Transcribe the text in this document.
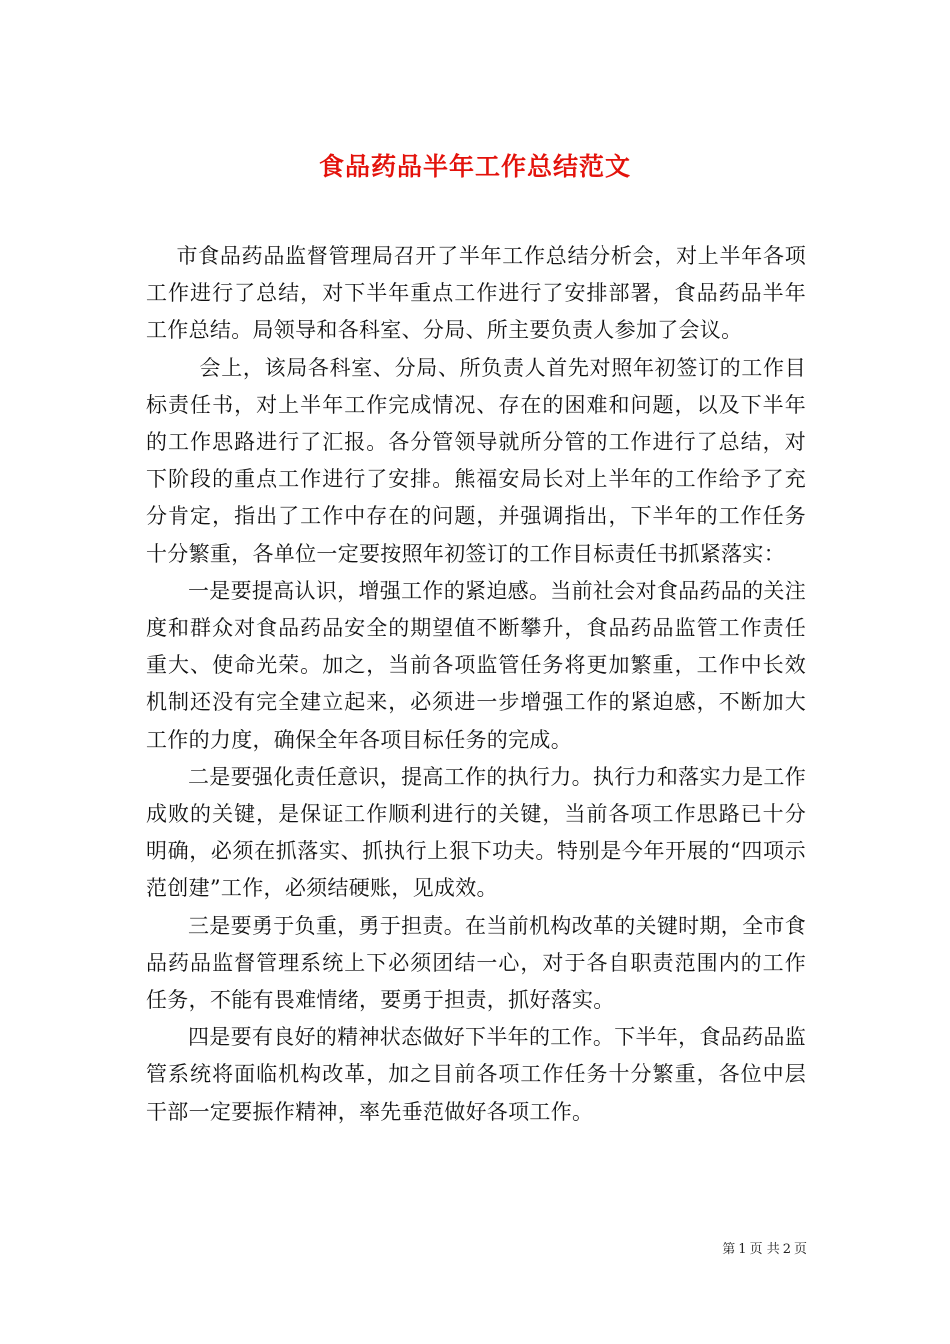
食品药品半年工作总结范文

市食品药品监督管理局召开了半年工作总结分析会，对上半年各项工作进行了总结，对下半年重点工作进行了安排部署，食品药品半年工作总结。局领导和各科室、分局、所主要负责人参加了会议。

会上，该局各科室、分局、所负责人首先对照年初签订的工作目标责任书，对上半年工作完成情况、存在的困难和问题，以及下半年的工作思路进行了汇报。各分管领导就所分管的工作进行了总结，对下阶段的重点工作进行了安排。熊福安局长对上半年的工作给予了充分肯定，指出了工作中存在的问题，并强调指出，下半年的工作任务十分繁重，各单位一定要按照年初签订的工作目标责任书抓紧落实：

一是要提高认识，增强工作的紧迫感。当前社会对食品药品的关注度和群众对食品药品安全的期望值不断攀升，食品药品监管工作责任重大、使命光荣。加之，当前各项监管任务将更加繁重，工作中长效机制还没有完全建立起来，必须进一步增强工作的紧迫感，不断加大工作的力度，确保全年各项目标任务的完成。

二是要强化责任意识，提高工作的执行力。执行力和落实力是工作成败的关键，是保证工作顺利进行的关键，当前各项工作思路已十分明确，必须在抓落实、抓执行上狠下功夫。特别是今年开展的“四项示范创建”工作，必须结硬账，见成效。

三是要勇于负重，勇于担责。在当前机构改革的关键时期，全市食品药品监督管理系统上下必须团结一心，对于各自职责范围内的工作任务，不能有畏难情绪，要勇于担责，抓好落实。

四是要有良好的精神状态做好下半年的工作。下半年，食品药品监管系统将面临机构改革，加之目前各项工作任务十分繁重，各位中层干部一定要振作精神，率先垂范做好各项工作。

第 1 页 共 2 页
